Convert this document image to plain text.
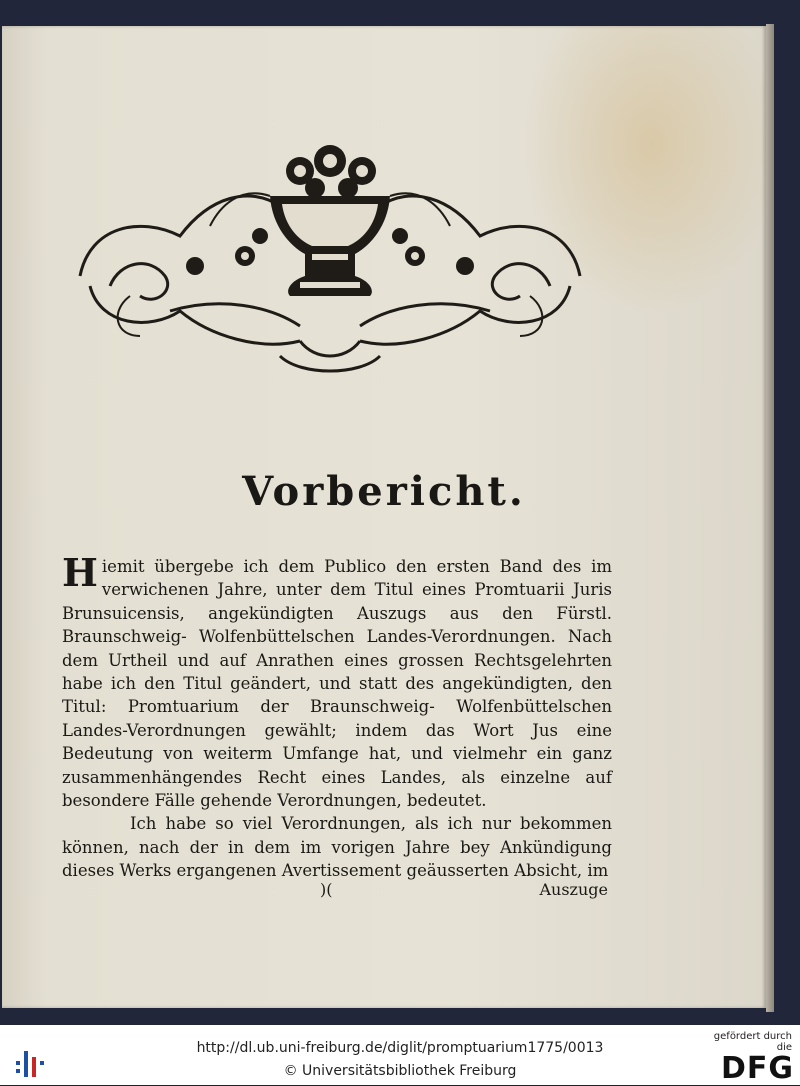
Vorbericht.

Hiemit übergebe ich dem Publico den ersten Band des im verwichenen Jahre, unter dem Titul eines Promtuarii Juris Brunsuicensis, angekündigten Auszugs aus den Fürstl. Braunschweig- Wolfenbüttelschen Landes-Verordnungen. Nach dem Urtheil und auf Anrathen eines grossen Rechtsgelehrten habe ich den Titul geändert, und statt des angekündigten, den Titul: Promtuarium der Braunschweig- Wolfenbüttelschen Landes-Verordnungen gewählt; indem das Wort Jus eine Bedeutung von weiterm Umfange hat, und vielmehr ein ganz zusammenhängendes Recht eines Landes, als einzelne auf besondere Fälle gehende Verordnungen, bedeutet.

Ich habe so viel Verordnungen, als ich nur bekommen können, nach der in dem im vorigen Jahre bey Ankündigung dieses Werks ergangenen Avertissement geäusserten Absicht, im

)(	Auszuge
http://dl.ub.uni-freiburg.de/diglit/promptuarium1775/0013
© Universitätsbibliothek Freiburg
gefördert durch die
DFG
